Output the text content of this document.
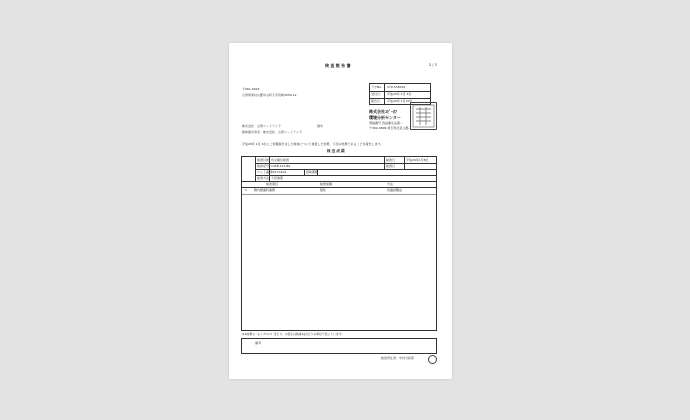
検 査 報 告 書	2 / 3
ラボNo. 170-535054
受付日 平成29年 1月 6日
報告日 平成29年 1月30日
〒061-0023
山形県東村山郡中山町大字長崎3050-12
株式会社　山形ユートランド	御中
検体提出者名：株式会社　山形ユートランド
株式会社ﾕﾋﾟｰｵﾌ
環境分析センター
登録番号 食品衛生法第…
〒362-0806 埼玉県北足立郡…
平成29年 1月 6日にご依頼頂きました検体について検査した結果、下記の結果であることを報告します。
検 査 成 績
検査目的 自主衛生検査	検査日	平成29年1月8日
検体記号 1458-121-BS	検査日
ロット番号 20170102	賞味期限
検査方法 下記参照
検査項目	検査成績	方法
1 腸内細菌科菌群	陰性	培養試験法
※※結果の「g（ﾐﾘﾘｯﾄﾙ）当たり」の表示は検体1g当たりの単位で表しています。
備考
検査責任者：中村分析部
